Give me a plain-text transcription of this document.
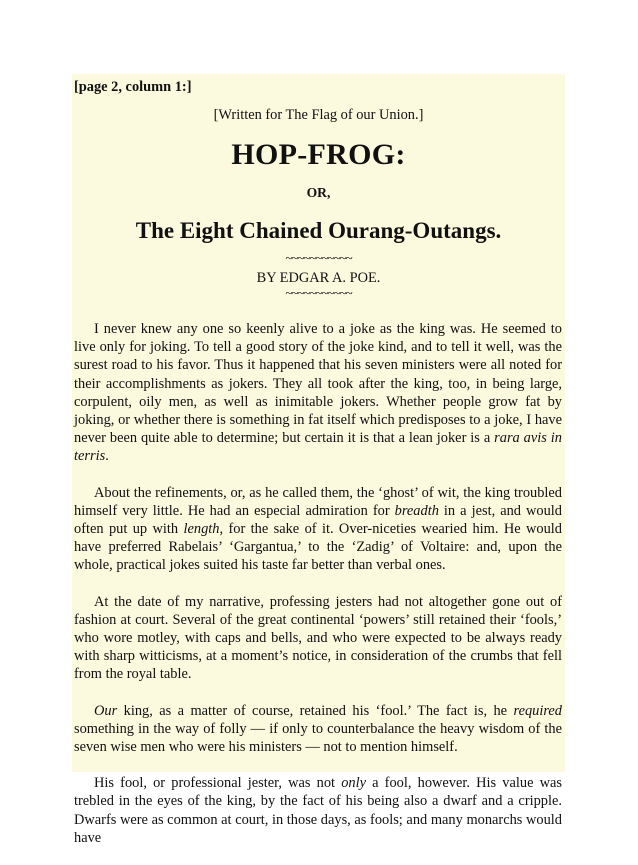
[page 2, column 1:]
[Written for The Flag of our Union.]
HOP-FROG:
OR,
The Eight Chained Ourang-Outangs.
~~~~~~~~~~~
BY EDGAR A. POE.
~~~~~~~~~~~

I never knew any one so keenly alive to a joke as the king was. He seemed to live only for joking. To tell a good story of the joke kind, and to tell it well, was the surest road to his favor. Thus it happened that his seven ministers were all noted for their accomplishments as jokers. They all took after the king, too, in being large, corpulent, oily men, as well as inimitable jokers. Whether people grow fat by joking, or whether there is something in fat itself which predisposes to a joke, I have never been quite able to determine; but certain it is that a lean joker is a rara avis in terris.

About the refinements, or, as he called them, the ‘ghost’ of wit, the king troubled himself very little. He had an especial admiration for breadth in a jest, and would often put up with length, for the sake of it. Over-niceties wearied him. He would have preferred Rabelais’ ‘Gargantua,’ to the ‘Zadig’ of Voltaire: and, upon the whole, practical jokes suited his taste far better than verbal ones.

At the date of my narrative, professing jesters had not altogether gone out of fashion at court. Several of the great continental ‘powers’ still retained their ‘fools,’ who wore motley, with caps and bells, and who were expected to be always ready with sharp witticisms, at a moment’s notice, in consideration of the crumbs that fell from the royal table.

Our king, as a matter of course, retained his ‘fool.’ The fact is, he required something in the way of folly — if only to counterbalance the heavy wisdom of the seven wise men who were his ministers — not to mention himself.

His fool, or professional jester, was not only a fool, however. His value was trebled in the eyes of the king, by the fact of his being also a dwarf and a cripple. Dwarfs were as common at court, in those days, as fools; and many monarchs would have
